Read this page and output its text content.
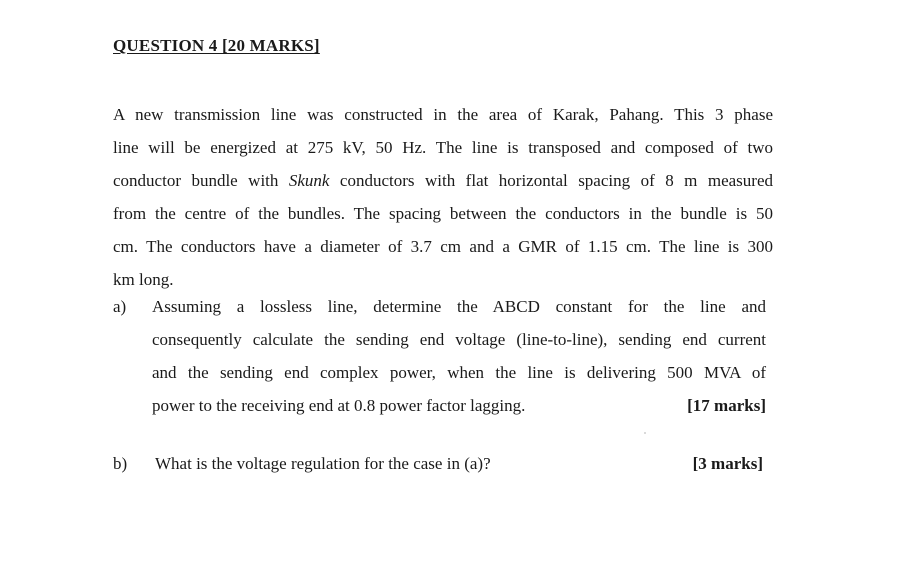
QUESTION 4 [20 MARKS]
A new transmission line was constructed in the area of Karak, Pahang. This 3 phase
line will be energized at 275 kV, 50 Hz. The line is transposed and composed of two
conductor bundle with Skunk conductors with flat horizontal spacing of 8 m measured
from the centre of the bundles. The spacing between the conductors in the bundle is 50
cm. The conductors have a diameter of 3.7 cm and a GMR of 1.15 cm. The line is 300
km long.
a) Assuming a lossless line, determine the ABCD constant for the line and
consequently calculate the sending end voltage (line-to-line), sending end current
and the sending end complex power, when the line is delivering 500 MVA of
power to the receiving end at 0.8 power factor lagging.	[17 marks]
b) What is the voltage regulation for the case in (a)?	[3 marks]
